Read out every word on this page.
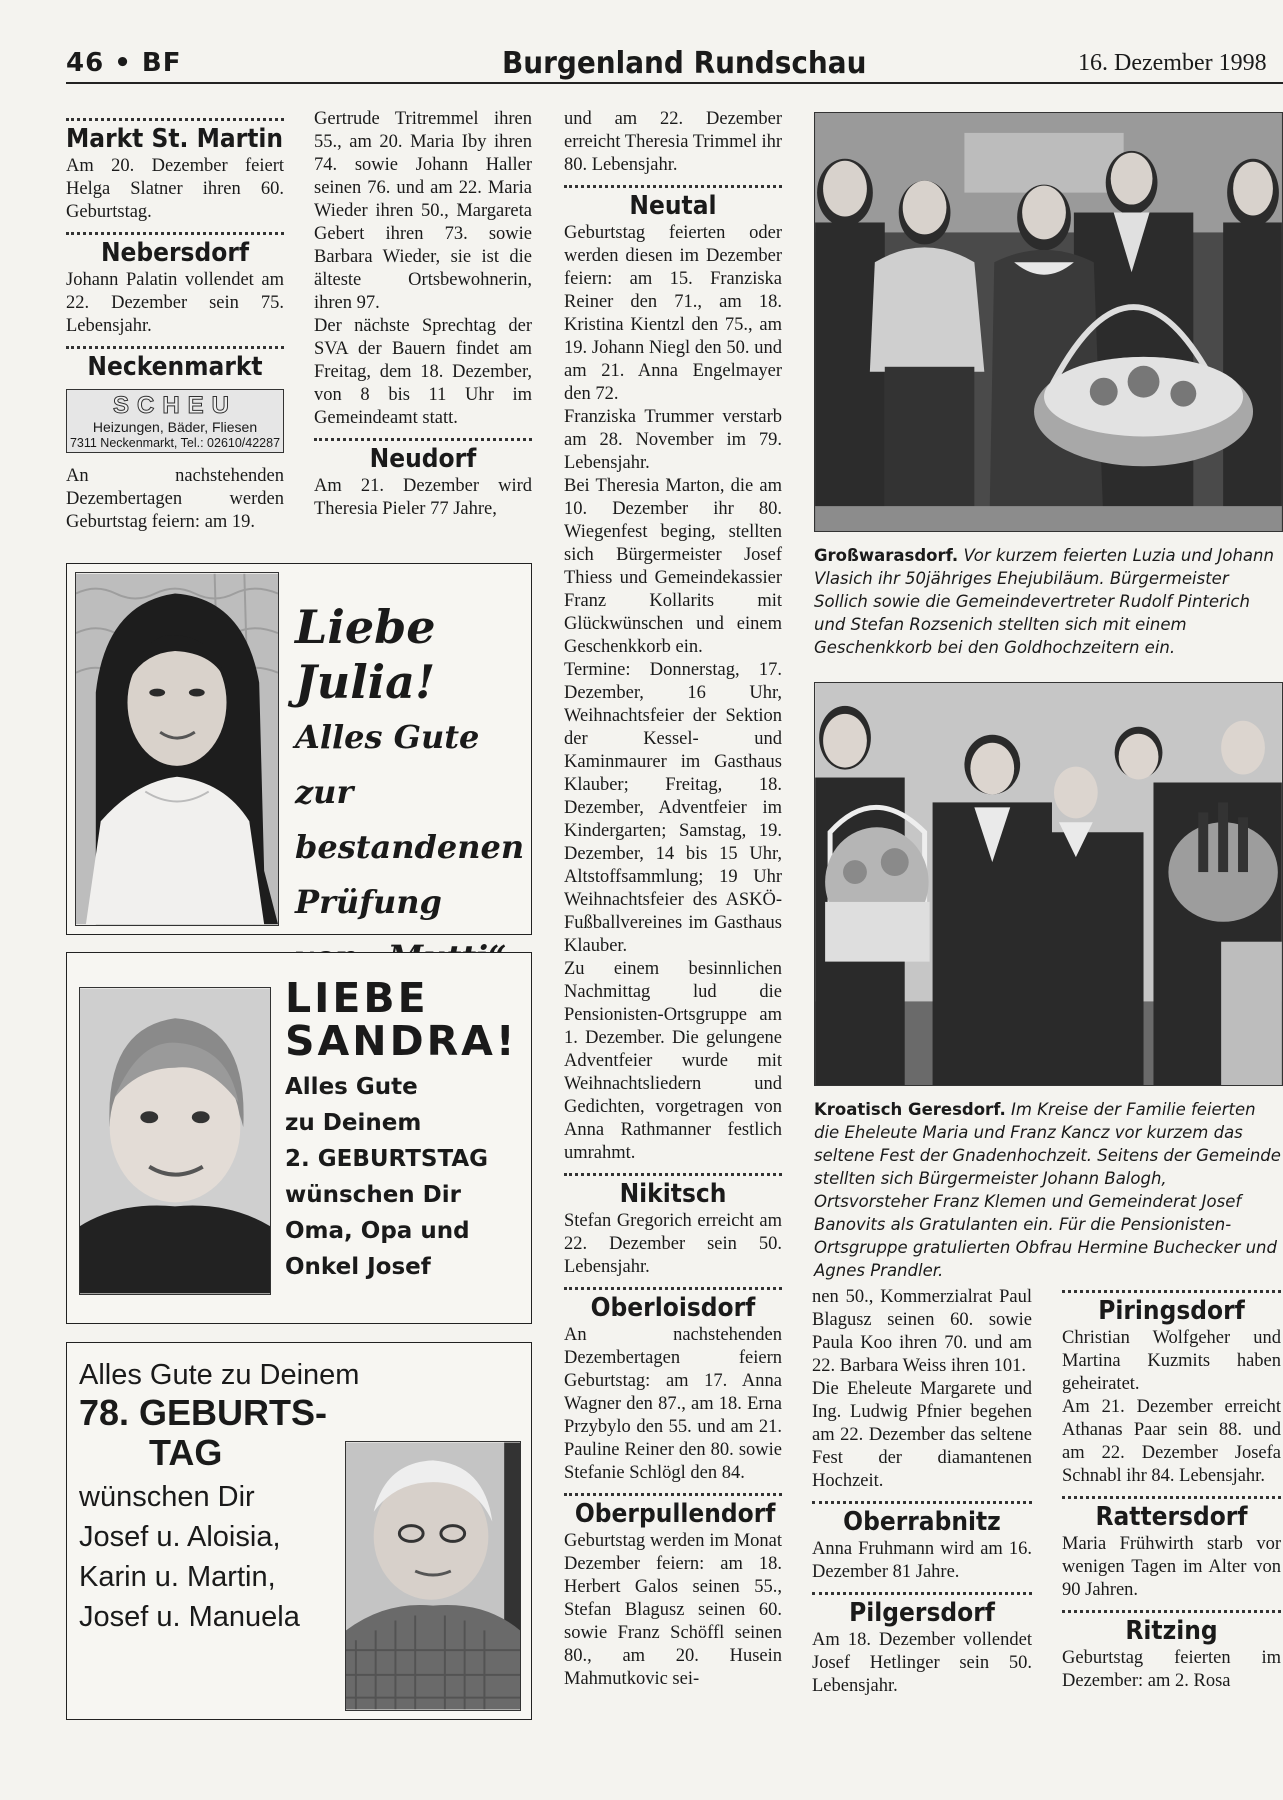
46 • BF	Burgenland Rundschau	16. Dezember 1998
Markt St. Martin

Am 20. Dezember feiert Helga Slatner ihren 60. Geburtstag.

Nebersdorf

Johann Palatin vollendet am 22. Dezember sein 75. Lebensjahr.

Neckenmarkt
SCHEU
Heizungen, Bäder, Fliesen
7311 Neckenmarkt, Tel.: 02610/42287

An nachstehenden Dezembertagen werden Geburtstag feiern: am 19.

Gertrude Tritremmel ihren 55., am 20. Maria Iby ihren 74. sowie Johann Haller seinen 76. und am 22. Maria Wieder ihren 50., Margareta Gebert ihren 73. sowie Barbara Wieder, sie ist die älteste Ortsbewohnerin, ihren 97.

Der nächste Sprechtag der SVA der Bauern findet am Freitag, dem 18. Dezember, von 8 bis 11 Uhr im Gemeindeamt statt.

Neudorf

Am 21. Dezember wird Theresia Pieler 77 Jahre,

Liebe Julia!
Alles Gute
zur bestandenen
Prüfung
LIEBE
SANDRA!
Alles Gute
zu Deinem
2. GEBURTSTAG
wünschen Dir
Oma, Opa und
Onkel Josef
Alles Gute zu Deinem
78. GEBURTS-
TAG
wünschen Dir
Josef u. Aloisia,
Karin u. Martin,
Josef u. Manuela

und am 22. Dezember erreicht Theresia Trimmel ihr 80. Lebensjahr.

Neutal

Geburtstag feierten oder werden diesen im Dezember feiern: am 15. Franziska Reiner den 71., am 18. Kristina Kientzl den 75., am 19. Johann Niegl den 50. und am 21. Anna Engelmayer den 72.

Franziska Trummer verstarb am 28. November im 79. Lebensjahr.

Bei Theresia Marton, die am 10. Dezember ihr 80. Wiegenfest beging, stellten sich Bürgermeister Josef Thiess und Gemeindekassier Franz Kollarits mit Glückwünschen und einem Geschenkkorb ein.

Termine: Donnerstag, 17. Dezember, 16 Uhr, Weihnachtsfeier der Sektion der Kessel- und Kaminmaurer im Gasthaus Klauber; Freitag, 18. Dezember, Adventfeier im Kindergarten; Samstag, 19. Dezember, 14 bis 15 Uhr, Altstoffsammlung; 19 Uhr Weihnachtsfeier des ASKÖ-Fußballvereines im Gasthaus Klauber.

Zu einem besinnlichen Nachmittag lud die Pensionisten-Ortsgruppe am 1. Dezember. Die gelungene Adventfeier wurde mit Weihnachtsliedern und Gedichten, vorgetragen von Anna Rathmanner festlich umrahmt.

Nikitsch

Stefan Gregorich erreicht am 22. Dezember sein 50. Lebensjahr.

Oberloisdorf

An nachstehenden Dezembertagen feiern Geburtstag: am 17. Anna Wagner den 87., am 18. Erna Przybylo den 55. und am 21. Pauline Reiner den 80. sowie Stefanie Schlögl den 84.

Oberpullendorf

Geburtstag werden im Monat Dezember feiern: am 18. Herbert Galos seinen 55., Stefan Blagusz seinen 60. sowie Franz Schöffl seinen 80., am 20. Husein Mahmutkovic sei-

Großwarasdorf. Vor kurzem feierten Luzia und Johann Vlasich ihr 50jähriges Ehejubiläum. Bürgermeister Sollich sowie die Gemeindevertreter Rudolf Pinterich und Stefan Rozsenich stellten sich mit einem Geschenkkorb bei den Goldhochzeitern ein.
Kroatisch Geresdorf. Im Kreise der Familie feierten die Eheleute Maria und Franz Kancz vor kurzem das seltene Fest der Gnadenhochzeit. Seitens der Gemeinde stellten sich Bürgermeister Johann Balogh, Ortsvorsteher Franz Klemen und Gemeinderat Josef Banovits als Gratulanten ein. Für die Pensionisten-Ortsgruppe gratulierten Obfrau Hermine Buchecker und Agnes Prandler.

nen 50., Kommerzialrat Paul Blagusz seinen 60. sowie Paula Koo ihren 70. und am 22. Barbara Weiss ihren 101.

Die Eheleute Margarete und Ing. Ludwig Pfnier begehen am 22. Dezember das seltene Fest der diamantenen Hochzeit.

Oberrabnitz

Anna Fruhmann wird am 16. Dezember 81 Jahre.

Pilgersdorf

Am 18. Dezember vollendet Josef Hetlinger sein 50. Lebensjahr.

Piringsdorf

Christian Wolfgeher und Martina Kuzmits haben geheiratet.

Am 21. Dezember erreicht Athanas Paar sein 88. und am 22. Dezember Josefa Schnabl ihr 84. Lebensjahr.

Rattersdorf

Maria Frühwirth starb vor wenigen Tagen im Alter von 90 Jahren.

Ritzing

Geburtstag feierten im Dezember: am 2. Rosa
